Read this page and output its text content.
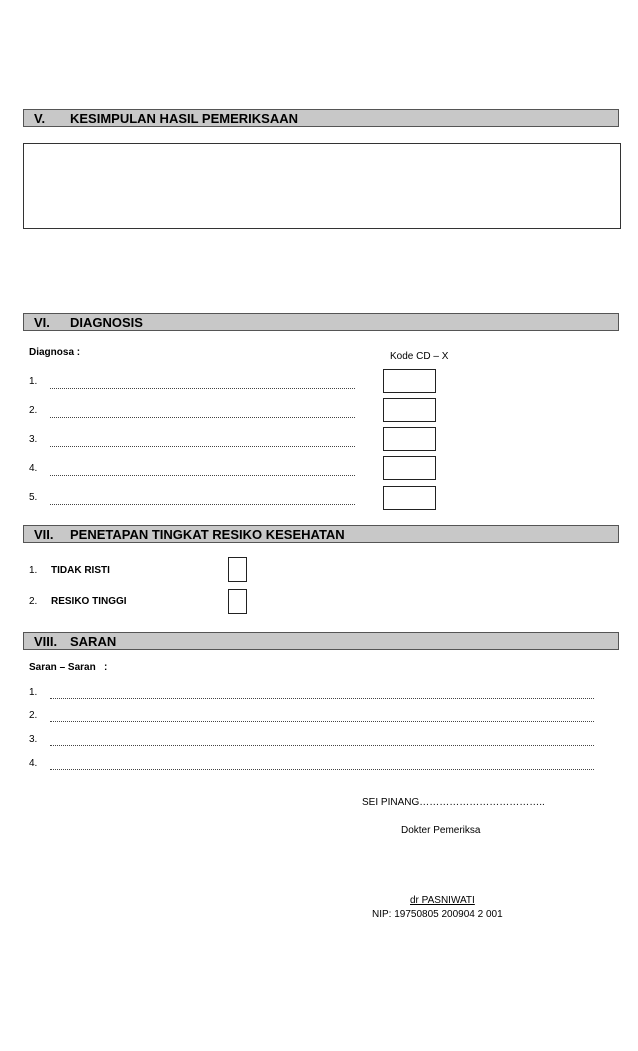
V. KESIMPULAN HASIL PEMERIKSAAN
VI. DIAGNOSIS
Diagnosa :	Kode CD – X
1.
2.
3.
4.
5.
VII. PENETAPAN TINGKAT RESIKO KESEHATAN
1. TIDAK RISTI
2. RESIKO TINGGI
VIII. SARAN
Saran – Saran   :
1.
2.
3.
4.
SEI PINANG………………………………..
Dokter Pemeriksa
dr PASNIWATI
NIP: 19750805 200904 2 001
